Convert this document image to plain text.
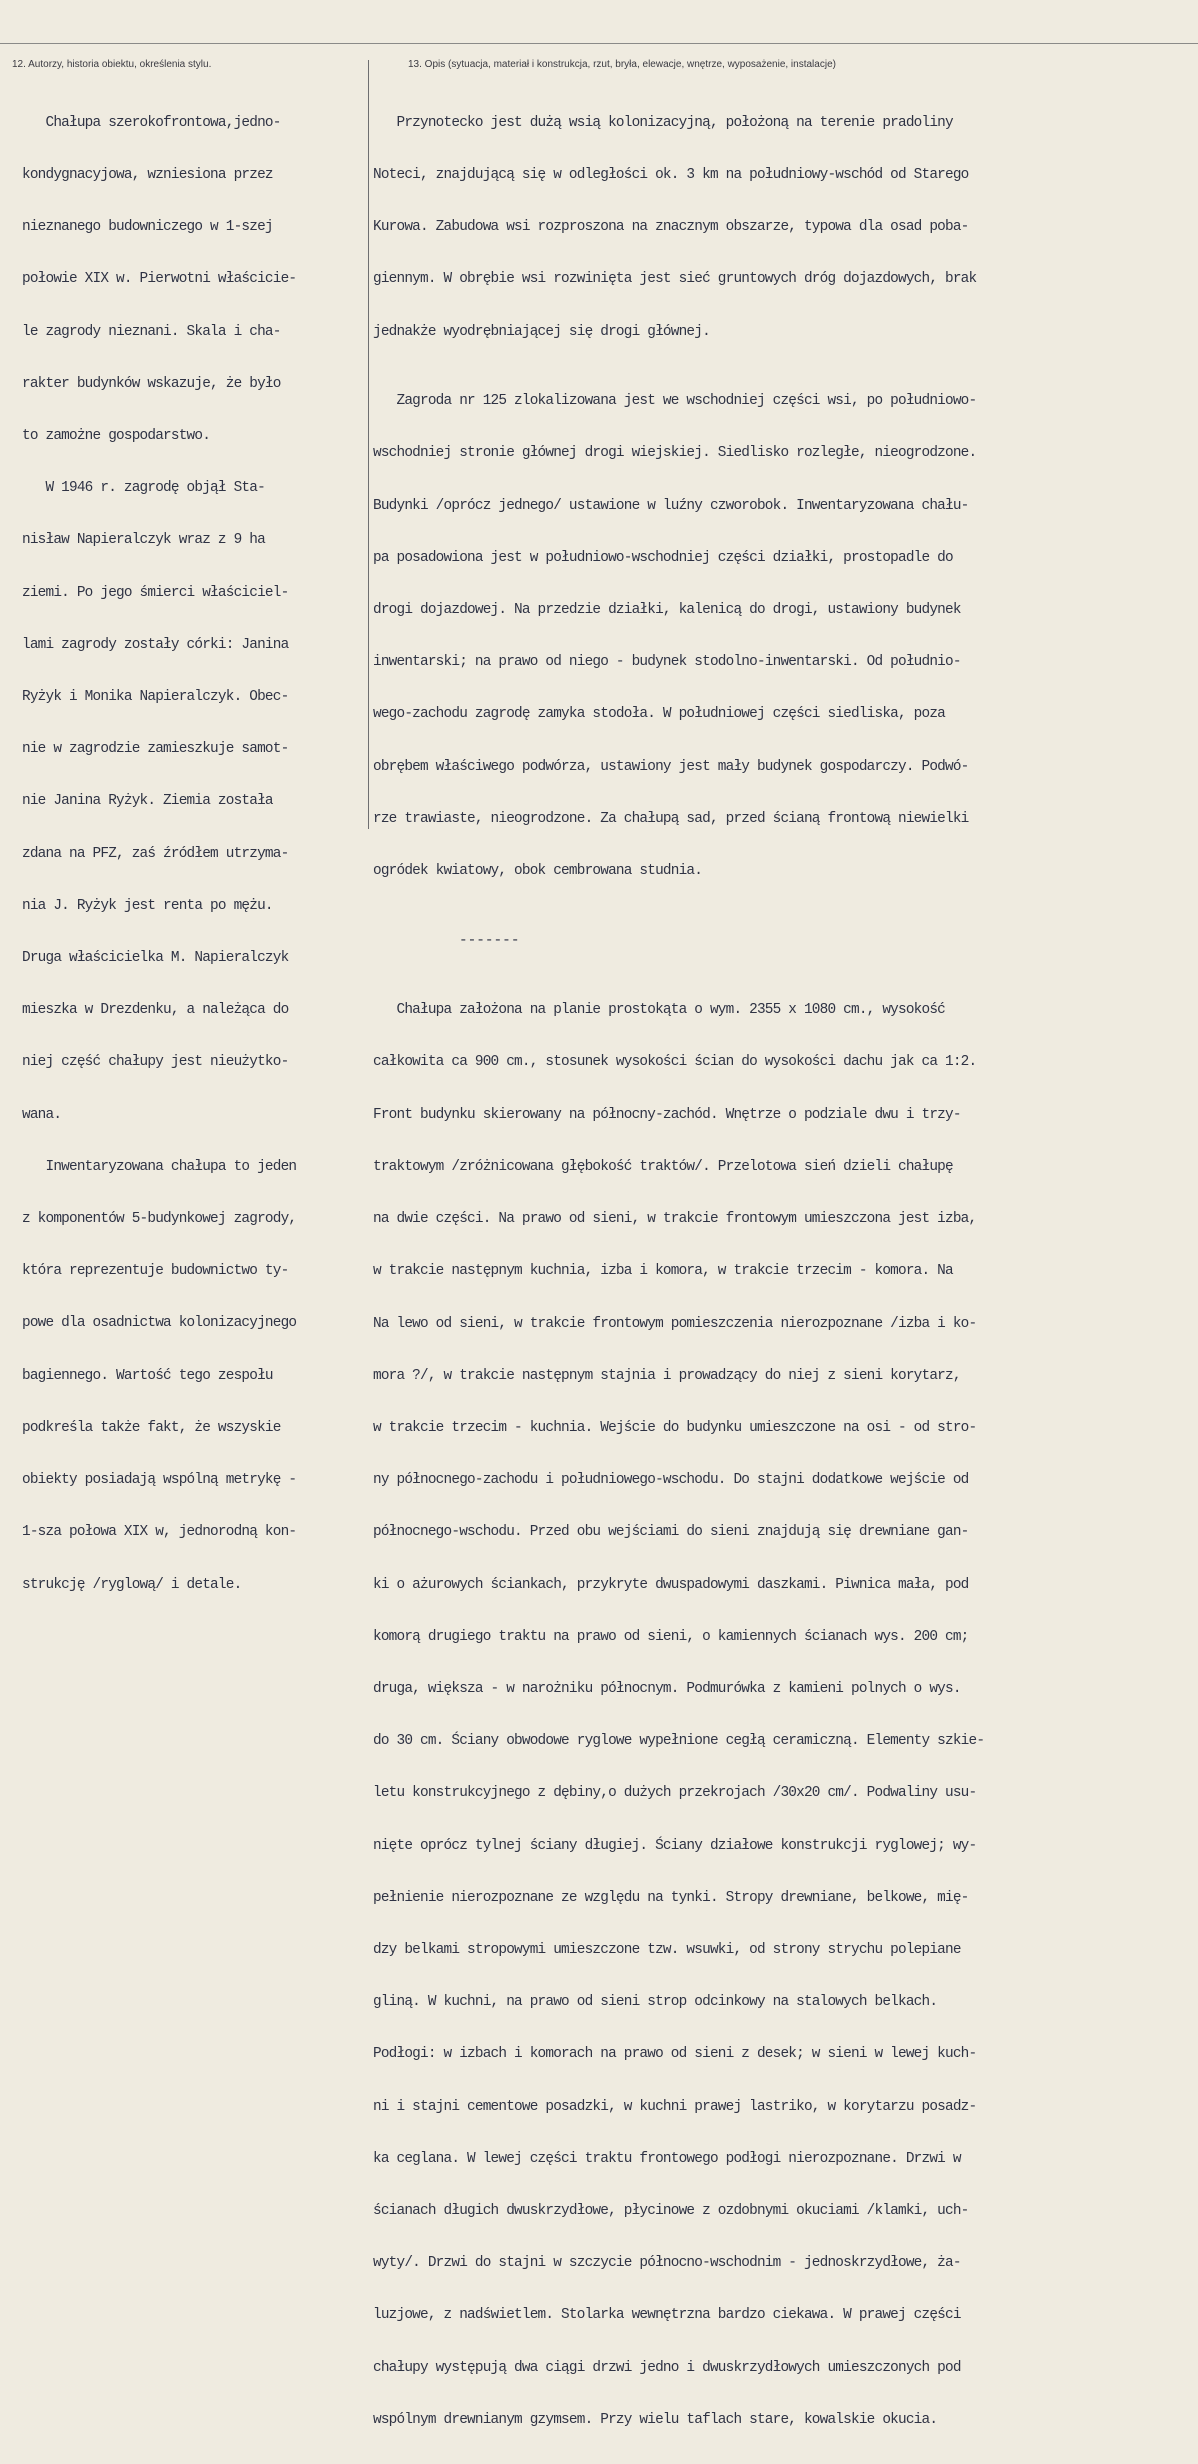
12. Autorzy, historia obiektu, określenia stylu.	13. Opis (sytuacja, materiał i konstrukcja, rzut, bryła, elewacje, wnętrze, wyposażenie, instalacje)

Chałupa szerokofrontowa,jedno-

kondygnacyjowa, wzniesiona przez

nieznanego budowniczego w 1-szej

połowie XIX w. Pierwotni właścicie-

le zagrody nieznani. Skala i cha-

rakter budynków wskazuje, że było

to zamożne gospodarstwo.

W 1946 r. zagrodę objął Sta-

nisław Napieralczyk wraz z 9 ha

ziemi. Po jego śmierci właściciel-

lami zagrody zostały córki: Janina

Ryżyk i Monika Napieralczyk. Obec-

nie w zagrodzie zamieszkuje samot-

nie Janina Ryżyk. Ziemia została

zdana na PFZ, zaś źródłem utrzyma-

nia J. Ryżyk jest renta po mężu.

Druga właścicielka M. Napieralczyk

mieszka w Drezdenku, a należąca do

niej część chałupy jest nieużytko-

wana.

Inwentaryzowana chałupa to jeden

z komponentów 5-budynkowej zagrody,

która reprezentuje budownictwo ty-

powe dla osadnictwa kolonizacyjnego

bagiennego. Wartość tego zespołu

podkreśla także fakt, że wszyskie

obiekty posiadają wspólną metrykę -

1-sza połowa XIX w, jednorodną kon-

strukcję /ryglową/ i detale.

Przynotecko jest dużą wsią kolonizacyjną, położoną na terenie pradoliny

Noteci, znajdującą się w odległości ok. 3 km na południowy-wschód od Starego

Kurowa. Zabudowa wsi rozproszona na znacznym obszarze, typowa dla osad poba-

giennym. W obrębie wsi rozwinięta jest sieć gruntowych dróg dojazdowych, brak

jednakże wyodrębniającej się drogi głównej.

Zagroda nr 125 zlokalizowana jest we wschodniej części wsi, po południowo-

wschodniej stronie głównej drogi wiejskiej. Siedlisko rozległe, nieogrodzone.

Budynki /oprócz jednego/ ustawione w luźny czworobok. Inwentaryzowana chału-

pa posadowiona jest w południowo-wschodniej części działki, prostopadle do

drogi dojazdowej. Na przedzie działki, kalenicą do drogi, ustawiony budynek

inwentarski; na prawo od niego - budynek stodolno-inwentarski. Od południo-

wego-zachodu zagrodę zamyka stodoła. W południowej części siedliska, poza

obrębem właściwego podwórza, ustawiony jest mały budynek gospodarczy. Podwó-

rze trawiaste, nieogrodzone. Za chałupą sad, przed ścianą frontową niewielki

ogródek kwiatowy, obok cembrowana studnia.

-------

Chałupa założona na planie prostokąta o wym. 2355 x 1080 cm., wysokość

całkowita ca 900 cm., stosunek wysokości ścian do wysokości dachu jak ca 1:2.

Front budynku skierowany na północny-zachód. Wnętrze o podziale dwu i trzy-

traktowym /zróżnicowana głębokość traktów/. Przelotowa sień dzieli chałupę

na dwie części. Na prawo od sieni, w trakcie frontowym umieszczona jest izba,

w trakcie następnym kuchnia, izba i komora, w trakcie trzecim - komora. Na

Na lewo od sieni, w trakcie frontowym pomieszczenia nierozpoznane /izba i ko-

mora ?/, w trakcie następnym stajnia i prowadzący do niej z sieni korytarz,

w trakcie trzecim - kuchnia. Wejście do budynku umieszczone na osi - od stro-

ny północnego-zachodu i południowego-wschodu. Do stajni dodatkowe wejście od

północnego-wschodu. Przed obu wejściami do sieni znajdują się drewniane gan-

ki o ażurowych ściankach, przykryte dwuspadowymi daszkami. Piwnica mała, pod

komorą drugiego traktu na prawo od sieni, o kamiennych ścianach wys. 200 cm;

druga, większa - w narożniku północnym. Podmurówka z kamieni polnych o wys.

do 30 cm. Ściany obwodowe ryglowe wypełnione cegłą ceramiczną. Elementy szkie-

letu konstrukcyjnego z dębiny,o dużych przekrojach /30x20 cm/. Podwaliny usu-

nięte oprócz tylnej ściany długiej. Ściany działowe konstrukcji ryglowej; wy-

pełnienie nierozpoznane ze względu na tynki. Stropy drewniane, belkowe, mię-

dzy belkami stropowymi umieszczone tzw. wsuwki, od strony strychu polepiane

gliną. W kuchni, na prawo od sieni strop odcinkowy na stalowych belkach.

Podłogi: w izbach i komorach na prawo od sieni z desek; w sieni w lewej kuch-

ni i stajni cementowe posadzki, w kuchni prawej lastriko, w korytarzu posadz-

ka ceglana. W lewej części traktu frontowego podłogi nierozpoznane. Drzwi w

ścianach długich dwuskrzydłowe, płycinowe z ozdobnymi okuciami /klamki, uch-

wyty/. Drzwi do stajni w szczycie północno-wschodnim - jednoskrzydłowe, ża-

luzjowe, z nadświetlem. Stolarka wewnętrzna bardzo ciekawa. W prawej części

chałupy występują dwa ciągi drzwi jedno i dwuskrzydłowych umieszczonych pod

wspólnym drewnianym gzymsem. Przy wielu taflach stare, kowalskie okucia.
